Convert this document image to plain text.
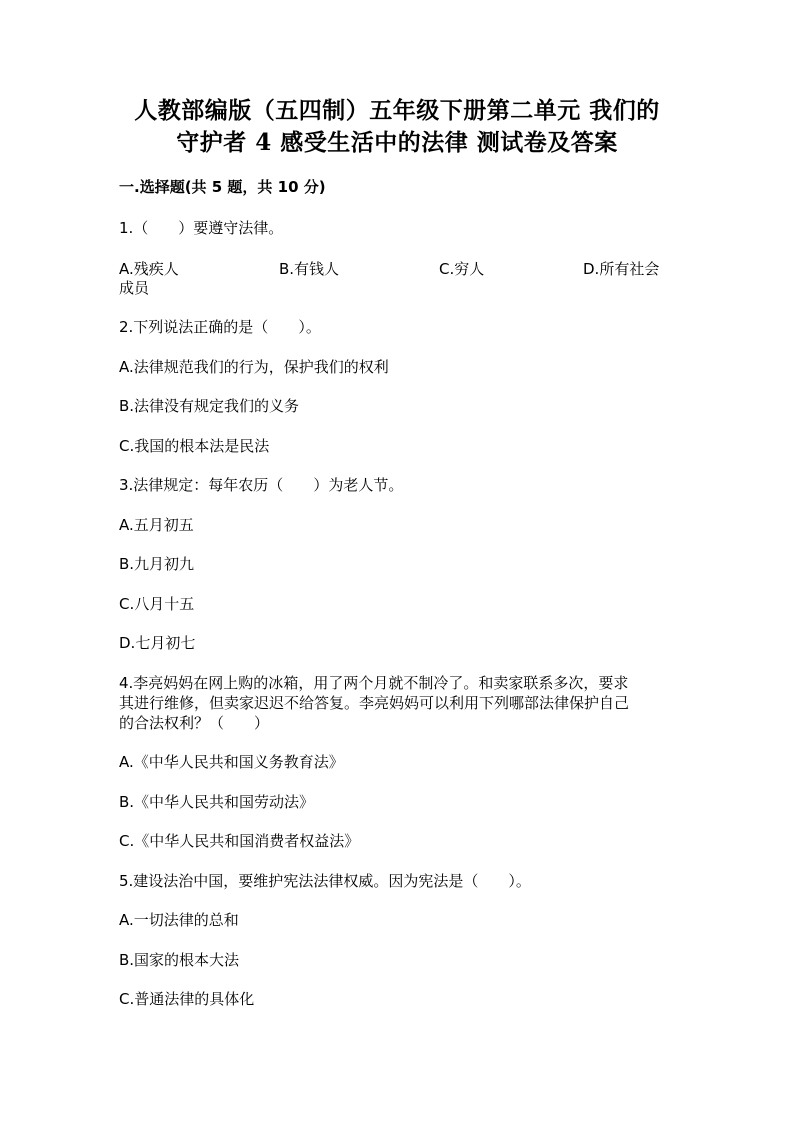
人教部编版（五四制）五年级下册第二单元 我们的
守护者 4 感受生活中的法律 测试卷及答案
一.选择题(共 5 题，共 10 分)
1.（　　）要遵守法律。
A.残疾人	B.有钱人	C.穷人	D.所有社会
成员
2.下列说法正确的是（　　）。
A.法律规范我们的行为，保护我们的权利
B.法律没有规定我们的义务
C.我国的根本法是民法
3.法律规定：每年农历（　　）为老人节。
A.五月初五
B.九月初九
C.八月十五
D.七月初七
4.李亮妈妈在网上购的冰箱，用了两个月就不制冷了。和卖家联系多次，要求
其进行维修，但卖家迟迟不给答复。李亮妈妈可以利用下列哪部法律保护自己
的合法权利？（　　）
A.《中华人民共和国义务教育法》
B.《中华人民共和国劳动法》
C.《中华人民共和国消费者权益法》
5.建设法治中国，要维护宪法法律权威。因为宪法是（　　）。
A.一切法律的总和
B.国家的根本大法
C.普通法律的具体化
